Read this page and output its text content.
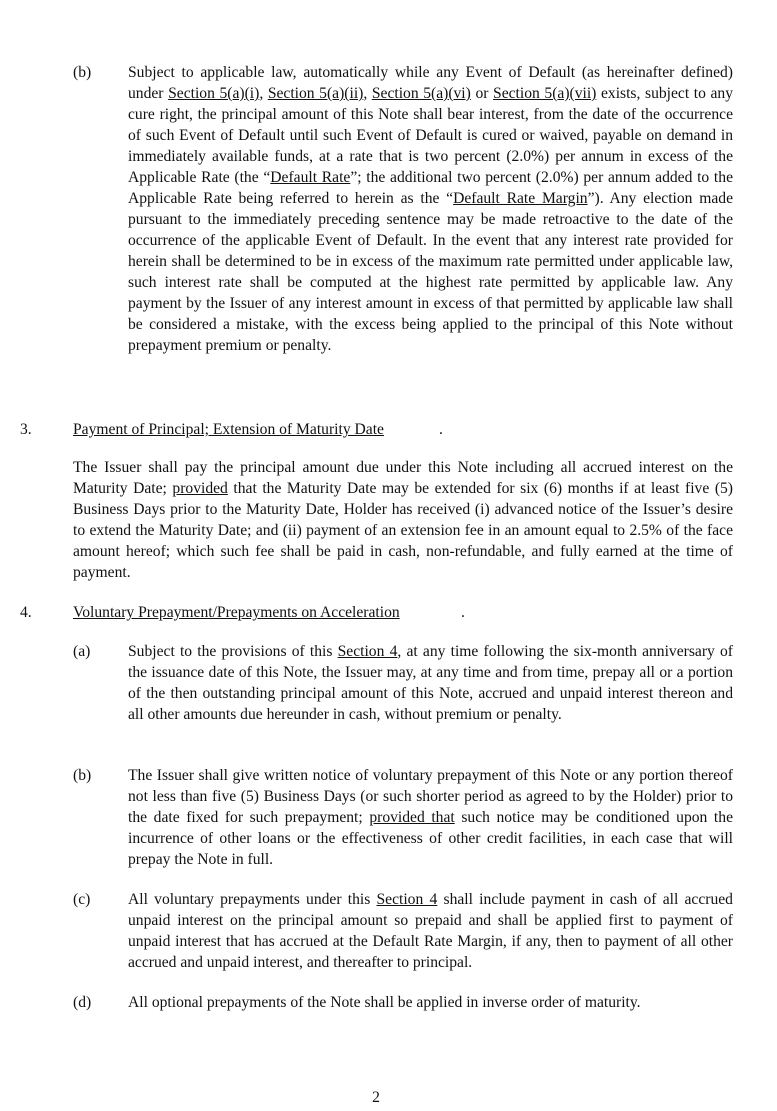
(b) Subject to applicable law, automatically while any Event of Default (as hereinafter defined) under Section 5(a)(i), Section 5(a)(ii), Section 5(a)(vi) or Section 5(a)(vii) exists, subject to any cure right, the principal amount of this Note shall bear interest, from the date of the occurrence of such Event of Default until such Event of Default is cured or waived, payable on demand in immediately available funds, at a rate that is two percent (2.0%) per annum in excess of the Applicable Rate (the “Default Rate”; the additional two percent (2.0%) per annum added to the Applicable Rate being referred to herein as the “Default Rate Margin”). Any election made pursuant to the immediately preceding sentence may be made retroactive to the date of the occurrence of the applicable Event of Default. In the event that any interest rate provided for herein shall be determined to be in excess of the maximum rate permitted under applicable law, such interest rate shall be computed at the highest rate permitted by applicable law. Any payment by the Issuer of any interest amount in excess of that permitted by applicable law shall be considered a mistake, with the excess being applied to the principal of this Note without prepayment premium or penalty.
3.	Payment of Principal; Extension of Maturity Date	.
The Issuer shall pay the principal amount due under this Note including all accrued interest on the Maturity Date; provided that the Maturity Date may be extended for six (6) months if at least five (5) Business Days prior to the Maturity Date, Holder has received (i) advanced notice of the Issuer’s desire to extend the Maturity Date; and (ii) payment of an extension fee in an amount equal to 2.5% of the face amount hereof; which such fee shall be paid in cash, non-refundable, and fully earned at the time of payment.
4.	Voluntary Prepayment/Prepayments on Acceleration	.
(a) Subject to the provisions of this Section 4, at any time following the six-month anniversary of the issuance date of this Note, the Issuer may, at any time and from time, prepay all or a portion of the then outstanding principal amount of this Note, accrued and unpaid interest thereon and all other amounts due hereunder in cash, without premium or penalty.
(b) The Issuer shall give written notice of voluntary prepayment of this Note or any portion thereof not less than five (5) Business Days (or such shorter period as agreed to by the Holder) prior to the date fixed for such prepayment; provided that such notice may be conditioned upon the incurrence of other loans or the effectiveness of other credit facilities, in each case that will prepay the Note in full.
(c) All voluntary prepayments under this Section 4 shall include payment in cash of all accrued unpaid interest on the principal amount so prepaid and shall be applied first to payment of unpaid interest that has accrued at the Default Rate Margin, if any, then to payment of all other accrued and unpaid interest, and thereafter to principal.
(d) All optional prepayments of the Note shall be applied in inverse order of maturity.
2
